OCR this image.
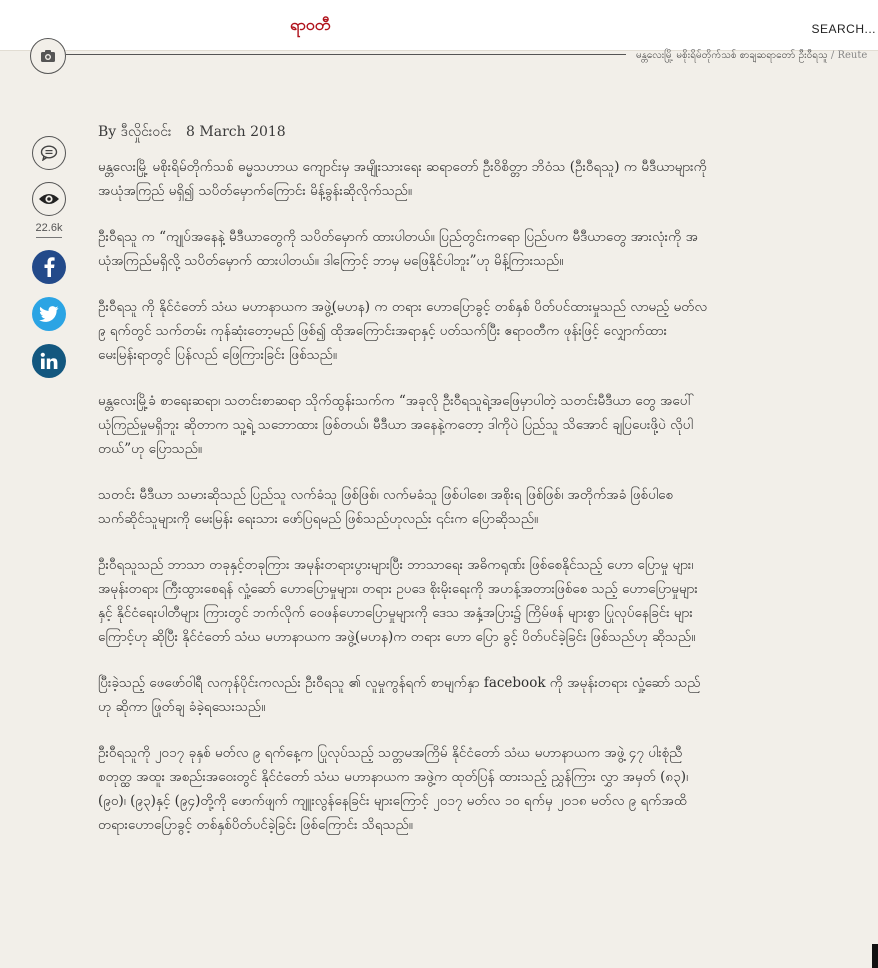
ရာဝတီ	SEARCH...
မန္တလေးမြို့ မစိုးရိမ်တိုက်သစ် စာချဆရာတော် ဦးဝီရသူ / Reute
22.6k
By ဒီလှိုင်းဝင်း 8 March 2018

မန္တလေးမြို့ မစိုးရိမ်တိုက်သစ် ဓမ္မသဟာယ ကျောင်းမှ အမျိုးသားရေး ဆရာတော် ဦးဝိစိတ္တာ ဘိဝံသ (ဦးဝီရသူ) က မီဒီယာများကို အယုံအကြည် မရှိ၍ သပိတ်မှောက်ကြောင်း မိန့်ခွန်းဆိုလိုက်သည်။

ဦးဝီရသူ က “ကျုပ်အနေနဲ့ မီဒီယာတွေကို သပိတ်မှောက် ထားပါတယ်။ ပြည်တွင်းကရော ပြည်ပက မီဒီယာတွေ အားလုံးကို အယုံအကြည်မရှိလို့ သပိတ်မှောက် ထားပါတယ်။ ဒါကြောင့် ဘာမှ မဖြေနိုင်ပါဘူး”ဟု မိန့်ကြားသည်။

ဦးဝီရသူ ကို နိုင်ငံတော် သံဃ မဟာနာယက အဖွဲ့(မဟန) က တရား ဟောပြောခွင့် တစ်နှစ် ပိတ်ပင်ထားမှုသည် လာမည့် မတ်လ ၉ ရက်တွင် သက်တမ်း ကုန်ဆုံးတော့မည် ဖြစ်၍ ထိုအကြောင်းအရာနှင့် ပတ်သက်ပြီး ဧရာဝတီက ဖုန်းဖြင့် လျှောက်ထား မေးမြန်းရာတွင် ပြန်လည် ဖြေကြားခြင်း ဖြစ်သည်။

မန္တလေးမြို့ခံ စာရေးဆရာ၊ သတင်းစာဆရာ သိုက်ထွန်းသက်က “အခုလို ဦးဝီရသူရဲ့အဖြေမှာပါတဲ့ သတင်းမီဒီယာ တွေ အပေါ် ယုံကြည်မှုမရှိဘူး ဆိုတာက သူ့ရဲ့ သဘောထား ဖြစ်တယ်၊ မီဒီယာ အနေနဲ့ကတော့ ဒါကိုပဲ ပြည်သူ သိအောင် ချပြပေးဖို့ပဲ လိုပါတယ်”ဟု ပြောသည်။

သတင်း မီဒီယာ သမားဆိုသည် ပြည်သူ လက်ခံသူ ဖြစ်ဖြစ်၊ လက်မခံသူ ဖြစ်ပါစေ၊ အစိုးရ ဖြစ်ဖြစ်၊ အတိုက်အခံ ဖြစ်ပါစေ သက်ဆိုင်သူများကို မေးမြန်း ရေးသား ဖော်ပြရမည် ဖြစ်သည်ဟုလည်း ၎င်းက ပြောဆိုသည်။

ဦးဝီရသူသည် ဘာသာ တခုနှင့်တခုကြား အမုန်းတရားပွားများပြီး ဘာသာရေး အဓိကရုဏ်း ဖြစ်စေနိုင်သည့် ဟော ပြောမှု များ၊ အမုန်းတရား ကြီးထွားစေရန် လှုံ့ဆော် ဟောပြောမှုများ၊ တရား ဥပဒေ စိုးမိုးရေးကို အဟန့်အတားဖြစ်စေ သည့် ဟောပြောမှုများနှင့် နိုင်ငံရေးပါတီများ ကြားတွင် ဘက်လိုက် ဝေဖန်ဟောပြောမှုများကို ဒေသ အနှံ့အပြား၌ ကြိမ်ဖန် များစွာ ပြုလုပ်နေခြင်း များကြောင့်ဟု ဆိုပြီး နိုင်ငံတော် သံဃ မဟာနာယက အဖွဲ့(မဟန)က တရား ဟော ပြော ခွင့် ပိတ်ပင်ခဲ့ခြင်း ဖြစ်သည်ဟု ဆိုသည်။

ပြီးခဲ့သည့် ဖေဖော်ဝါရီ လကုန်ပိုင်းကလည်း ဦးဝီရသူ ၏ လူမှုကွန်ရက် စာမျက်နှာ facebook ကို အမုန်းတရား လှုံ့ဆော် သည်ဟု ဆိုကာ ဖြုတ်ချ ခံခဲ့ရသေးသည်။

ဦးဝီရသူကို ၂၀၁၇ ခုနှစ် မတ်လ ၉ ရက်နေ့က ပြုလုပ်သည့် သတ္တမအကြိမ် နိုင်ငံတော် သံဃ မဟာနာယက အဖွဲ့ ၄၇ ပါးစုံညီ စတုတ္ထ အထူး အစည်းအဝေးတွင် နိုင်ငံတော် သံဃ မဟာနာယက အဖွဲ့က ထုတ်ပြန် ထားသည့် ညွှန်ကြား လွှာ အမှတ် (၈၃)၊ (၉၀)၊ (၉၃)နှင့် (၉၄)တို့ကို ဖောက်ဖျက် ကျူးလွန်နေခြင်း များကြောင့် ၂၀၁၇ မတ်လ ၁၀ ရက်မှ ၂၀၁၈ မတ်လ ၉ ရက်အထိ တရားဟောပြောခွင့် တစ်နှစ်ပိတ်ပင်ခဲ့ခြင်း ဖြစ်ကြောင်း သိရသည်။
